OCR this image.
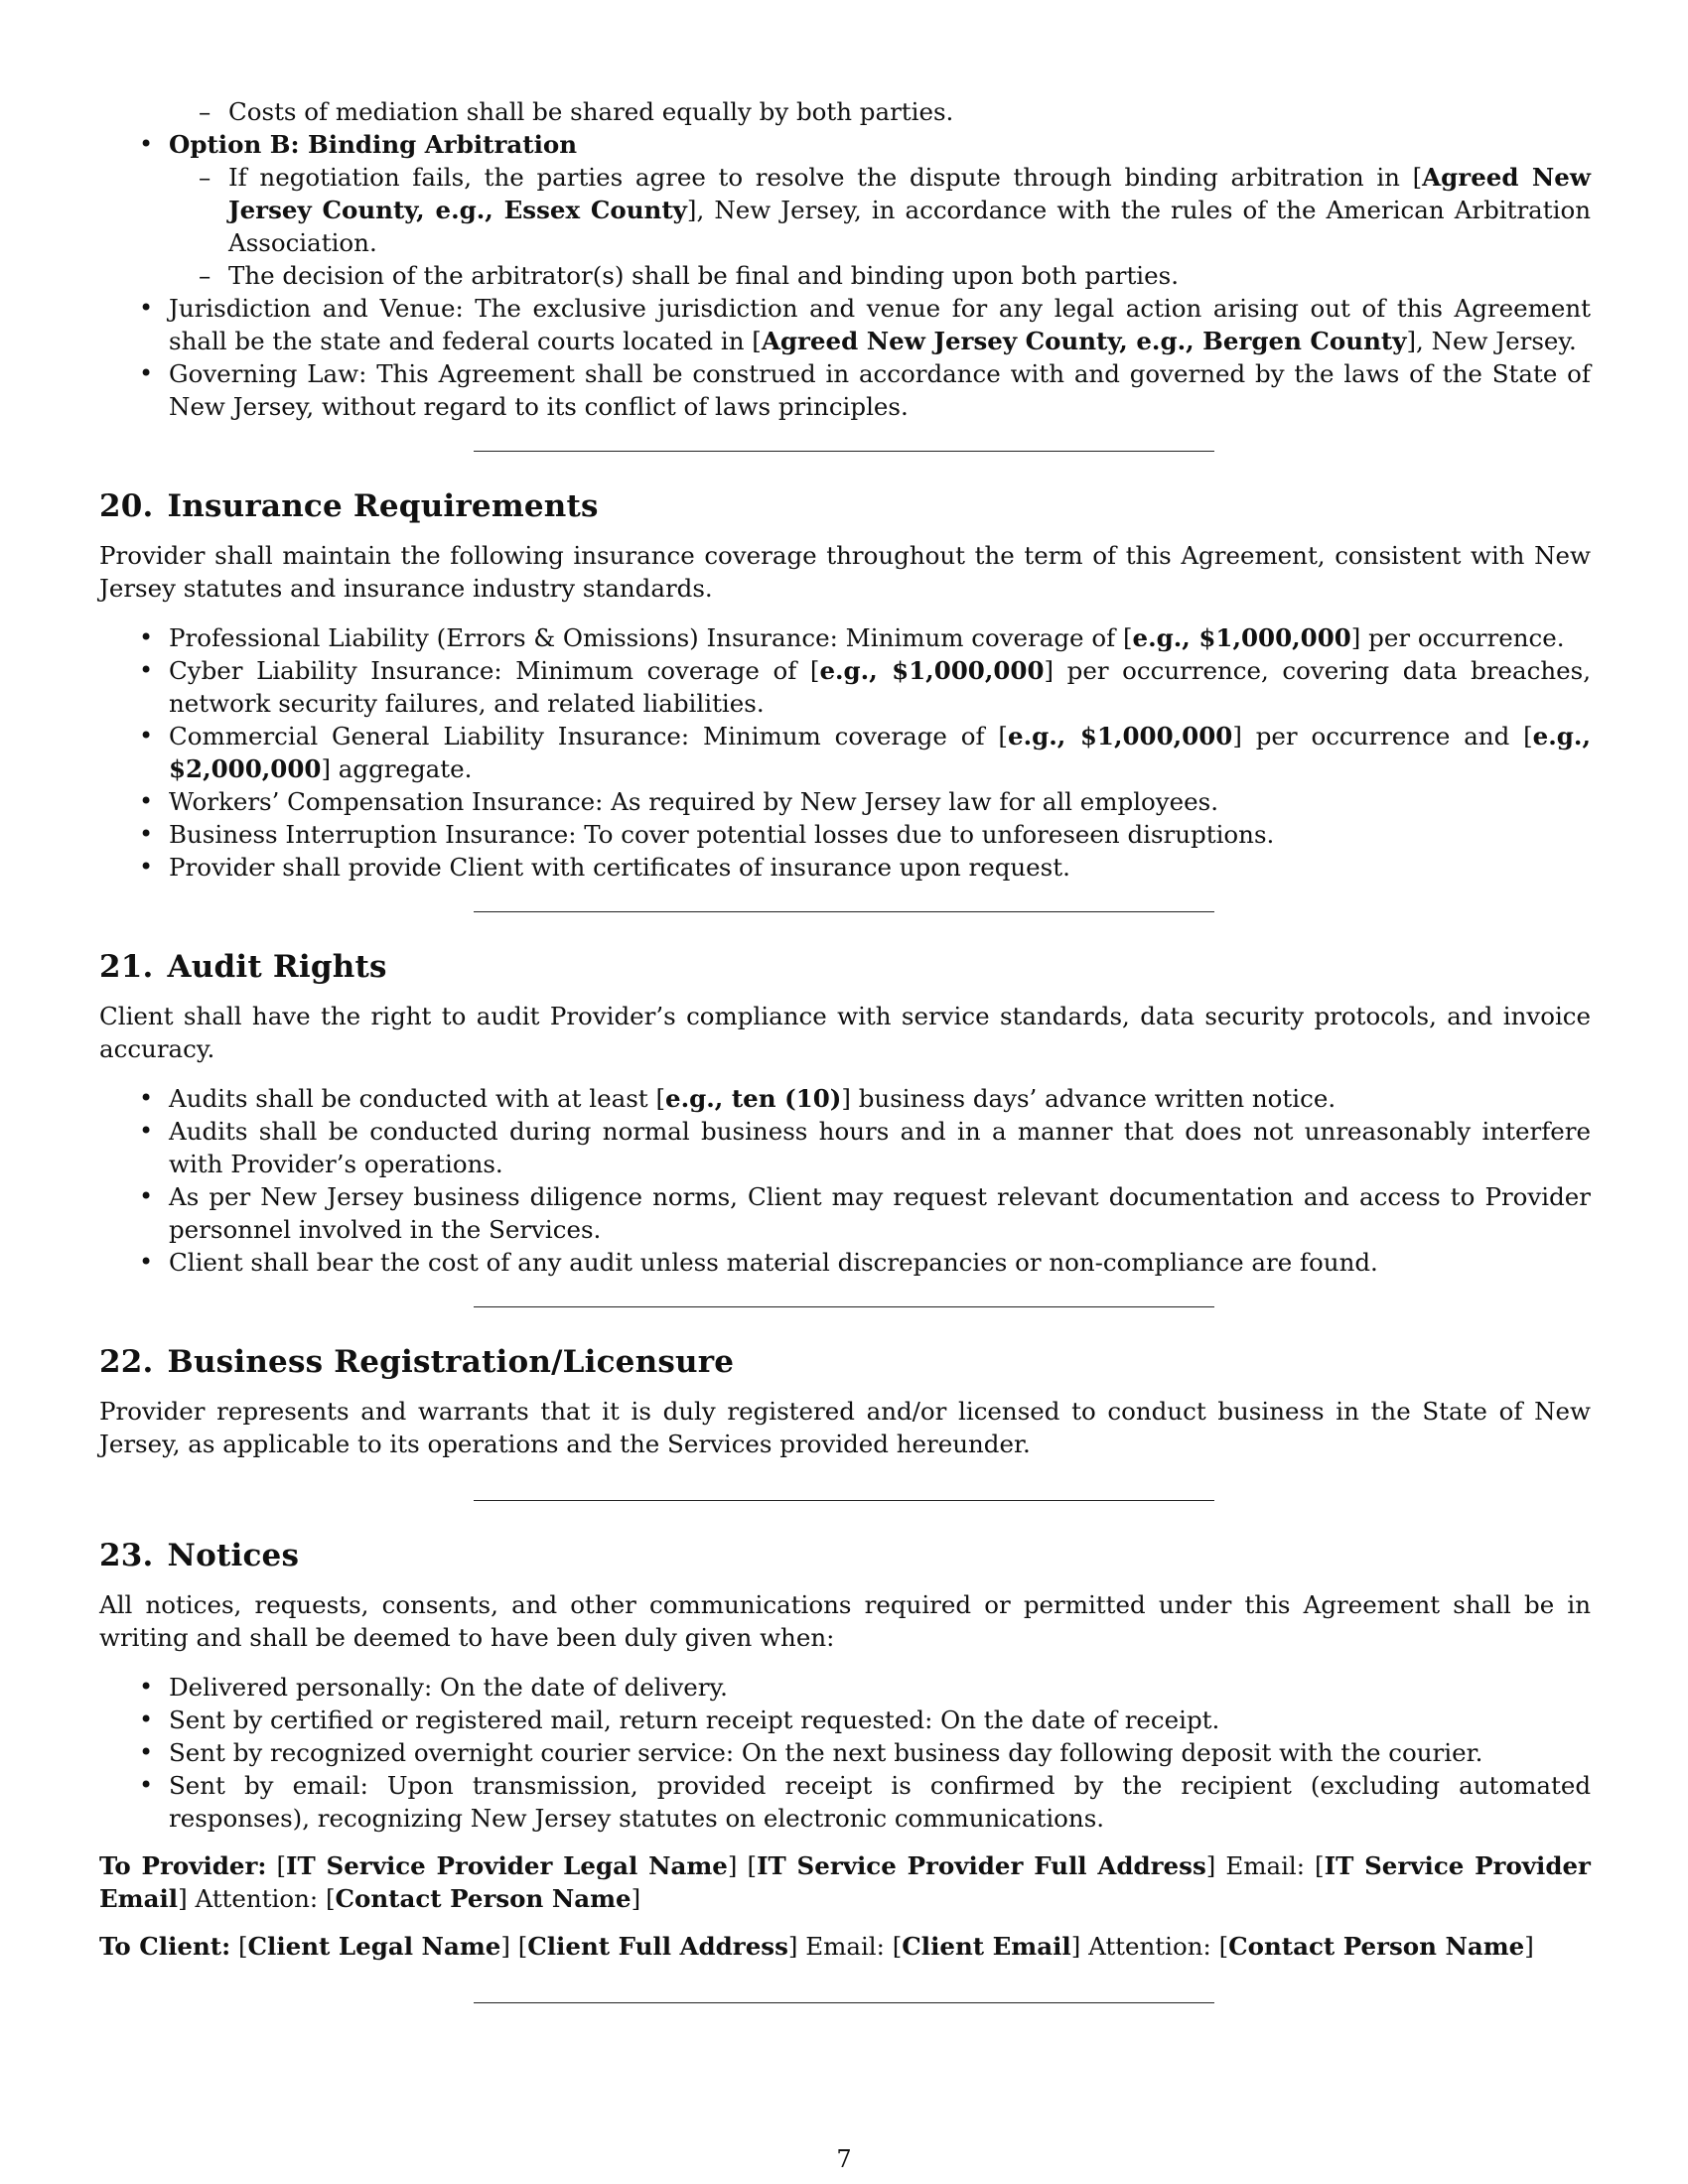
– Costs of mediation shall be shared equally by both parties.
• Option B: Binding Arbitration
– If negotiation fails, the parties agree to resolve the dispute through binding arbitration in [Agreed New Jersey County, e.g., Essex County], New Jersey, in accordance with the rules of the American Arbitration Association.
– The decision of the arbitrator(s) shall be final and binding upon both parties.
• Jurisdiction and Venue: The exclusive jurisdiction and venue for any legal action arising out of this Agreement shall be the state and federal courts located in [Agreed New Jersey County, e.g., Bergen County], New Jersey.
• Governing Law: This Agreement shall be construed in accordance with and governed by the laws of the State of New Jersey, without regard to its conflict of laws principles.
20. Insurance Requirements

Provider shall maintain the following insurance coverage throughout the term of this Agreement, consistent with New Jersey statutes and insurance industry standards.

• Professional Liability (Errors & Omissions) Insurance: Minimum coverage of [e.g., $1,000,000] per occurrence.
• Cyber Liability Insurance: Minimum coverage of [e.g., $1,000,000] per occurrence, covering data breaches, network security failures, and related liabilities.
• Commercial General Liability Insurance: Minimum coverage of [e.g., $1,000,000] per occurrence and [e.g., $2,000,000] aggregate.
• Workers’ Compensation Insurance: As required by New Jersey law for all employees.
• Business Interruption Insurance: To cover potential losses due to unforeseen disruptions.
• Provider shall provide Client with certificates of insurance upon request.
21. Audit Rights

Client shall have the right to audit Provider’s compliance with service standards, data security protocols, and invoice accuracy.

• Audits shall be conducted with at least [e.g., ten (10)] business days’ advance written notice.
• Audits shall be conducted during normal business hours and in a manner that does not unreasonably interfere with Provider’s operations.
• As per New Jersey business diligence norms, Client may request relevant documentation and access to Provider personnel involved in the Services.
• Client shall bear the cost of any audit unless material discrepancies or non-compliance are found.
22. Business Registration/Licensure

Provider represents and warrants that it is duly registered and/or licensed to conduct business in the State of New Jersey, as applicable to its operations and the Services provided hereunder.

23. Notices

All notices, requests, consents, and other communications required or permitted under this Agreement shall be in writing and shall be deemed to have been duly given when:

• Delivered personally: On the date of delivery.
• Sent by certified or registered mail, return receipt requested: On the date of receipt.
• Sent by recognized overnight courier service: On the next business day following deposit with the courier.
• Sent by email: Upon transmission, provided receipt is confirmed by the recipient (excluding automated responses), recognizing New Jersey statutes on electronic communications.

To Provider: [IT Service Provider Legal Name] [IT Service Provider Full Address] Email: [IT Service Provider Email] Attention: [Contact Person Name]

To Client: [Client Legal Name] [Client Full Address] Email: [Client Email] Attention: [Contact Person Name]

7
